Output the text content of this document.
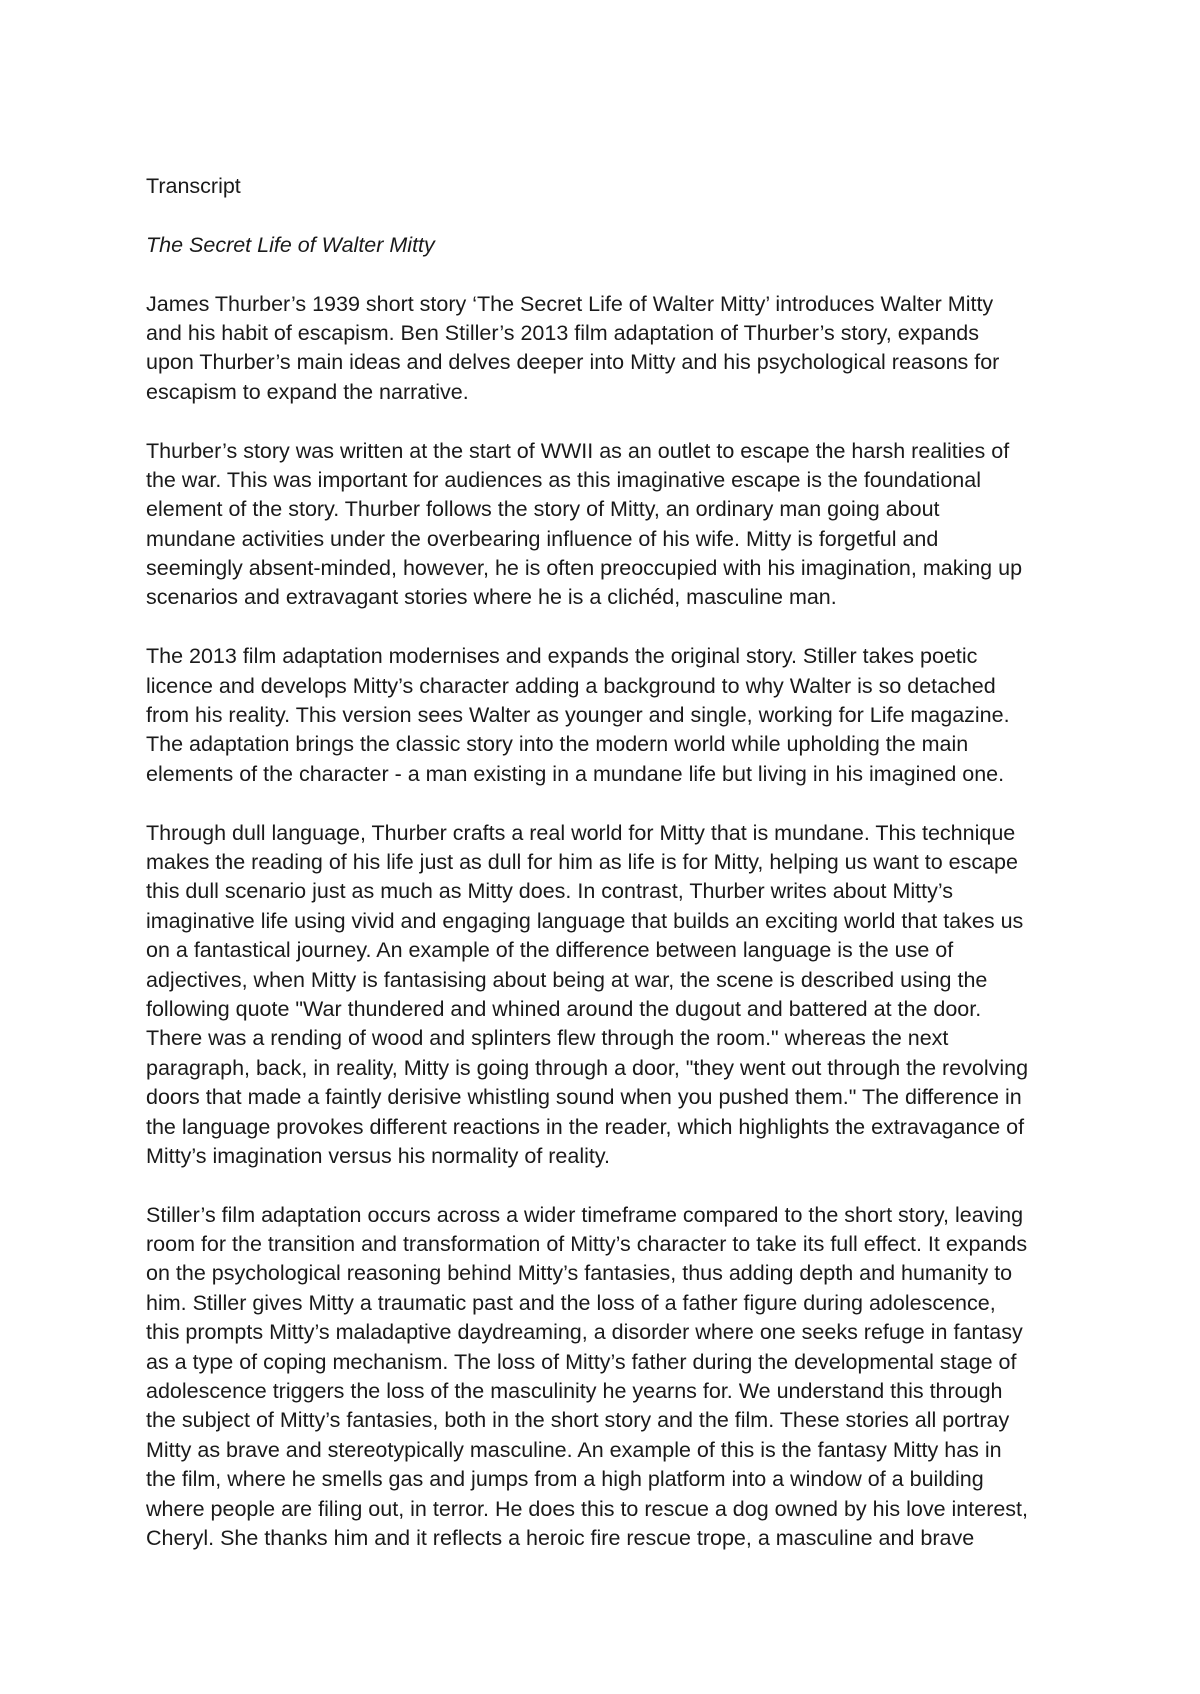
Transcript
The Secret Life of Walter Mitty
James Thurber’s 1939 short story ‘The Secret Life of Walter Mitty’ introduces Walter Mitty
and his habit of escapism. Ben Stiller’s 2013 film adaptation of Thurber’s story, expands
upon Thurber’s main ideas and delves deeper into Mitty and his psychological reasons for
escapism to expand the narrative.
Thurber’s story was written at the start of WWII as an outlet to escape the harsh realities of
the war. This was important for audiences as this imaginative escape is the foundational
element of the story. Thurber follows the story of Mitty, an ordinary man going about
mundane activities under the overbearing influence of his wife. Mitty is forgetful and
seemingly absent-minded, however, he is often preoccupied with his imagination, making up
scenarios and extravagant stories where he is a clichéd, masculine man.
The 2013 film adaptation modernises and expands the original story. Stiller takes poetic
licence and develops Mitty’s character adding a background to why Walter is so detached
from his reality. This version sees Walter as younger and single, working for Life magazine.
The adaptation brings the classic story into the modern world while upholding the main
elements of the character - a man existing in a mundane life but living in his imagined one.
Through dull language, Thurber crafts a real world for Mitty that is mundane. This technique
makes the reading of his life just as dull for him as life is for Mitty, helping us want to escape
this dull scenario just as much as Mitty does. In contrast, Thurber writes about Mitty’s
imaginative life using vivid and engaging language that builds an exciting world that takes us
on a fantastical journey. An example of the difference between language is the use of
adjectives, when Mitty is fantasising about being at war, the scene is described using the
following quote "War thundered and whined around the dugout and battered at the door.
There was a rending of wood and splinters flew through the room." whereas the next
paragraph, back, in reality, Mitty is going through a door, "they went out through the revolving
doors that made a faintly derisive whistling sound when you pushed them." The difference in
the language provokes different reactions in the reader, which highlights the extravagance of
Mitty’s imagination versus his normality of reality.
Stiller’s film adaptation occurs across a wider timeframe compared to the short story, leaving
room for the transition and transformation of Mitty’s character to take its full effect. It expands
on the psychological reasoning behind Mitty’s fantasies, thus adding depth and humanity to
him. Stiller gives Mitty a traumatic past and the loss of a father figure during adolescence,
this prompts Mitty’s maladaptive daydreaming, a disorder where one seeks refuge in fantasy
as a type of coping mechanism. The loss of Mitty’s father during the developmental stage of
adolescence triggers the loss of the masculinity he yearns for. We understand this through
the subject of Mitty’s fantasies, both in the short story and the film. These stories all portray
Mitty as brave and stereotypically masculine. An example of this is the fantasy Mitty has in
the film, where he smells gas and jumps from a high platform into a window of a building
where people are filing out, in terror. He does this to rescue a dog owned by his love interest,
Cheryl. She thanks him and it reflects a heroic fire rescue trope, a masculine and brave
